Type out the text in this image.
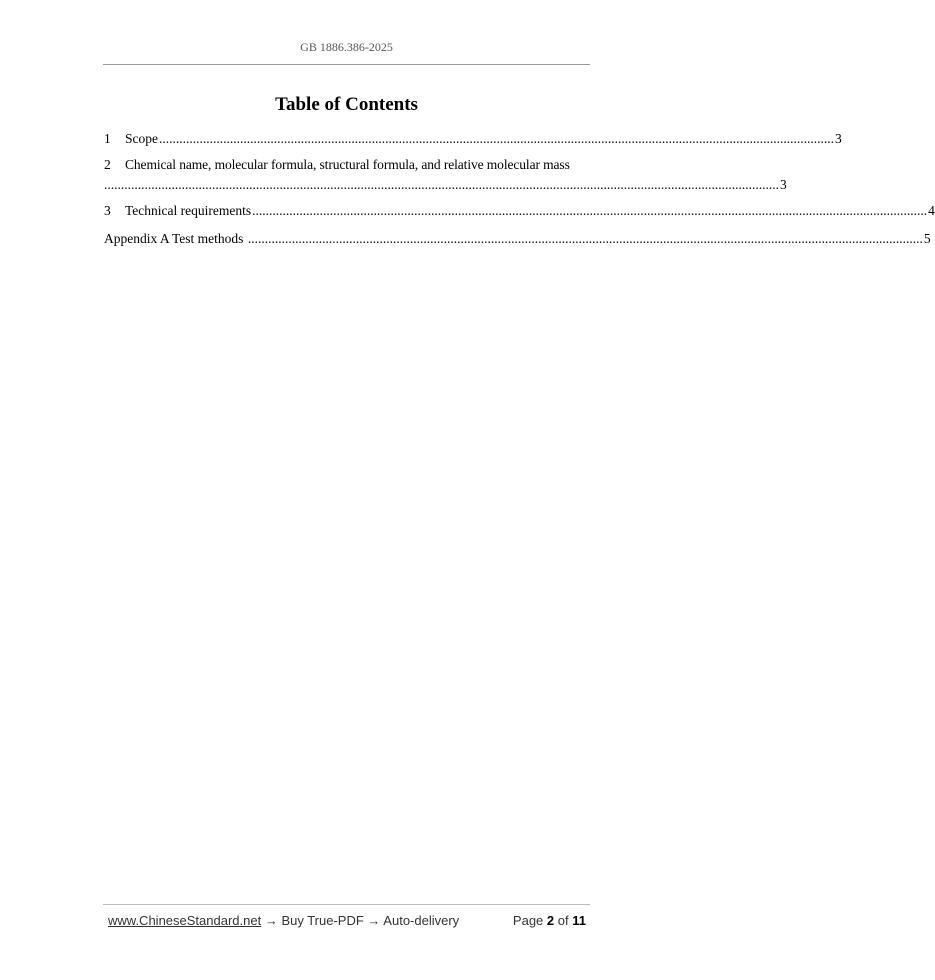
GB 1886.386-2025
Table of Contents
1	Scope ........................................................................................................................................................................................................ 3
2	Chemical name, molecular formula, structural formula, and relative molecular mass
........................................................................................................................................................................................................ 3
3	Technical requirements ........................................................................................................................................................................................................ 4
Appendix A Test methods ........................................................................................................................................................................................................ 5
www.ChineseStandard.net → Buy True-PDF → Auto-delivery	Page 2 of 11
